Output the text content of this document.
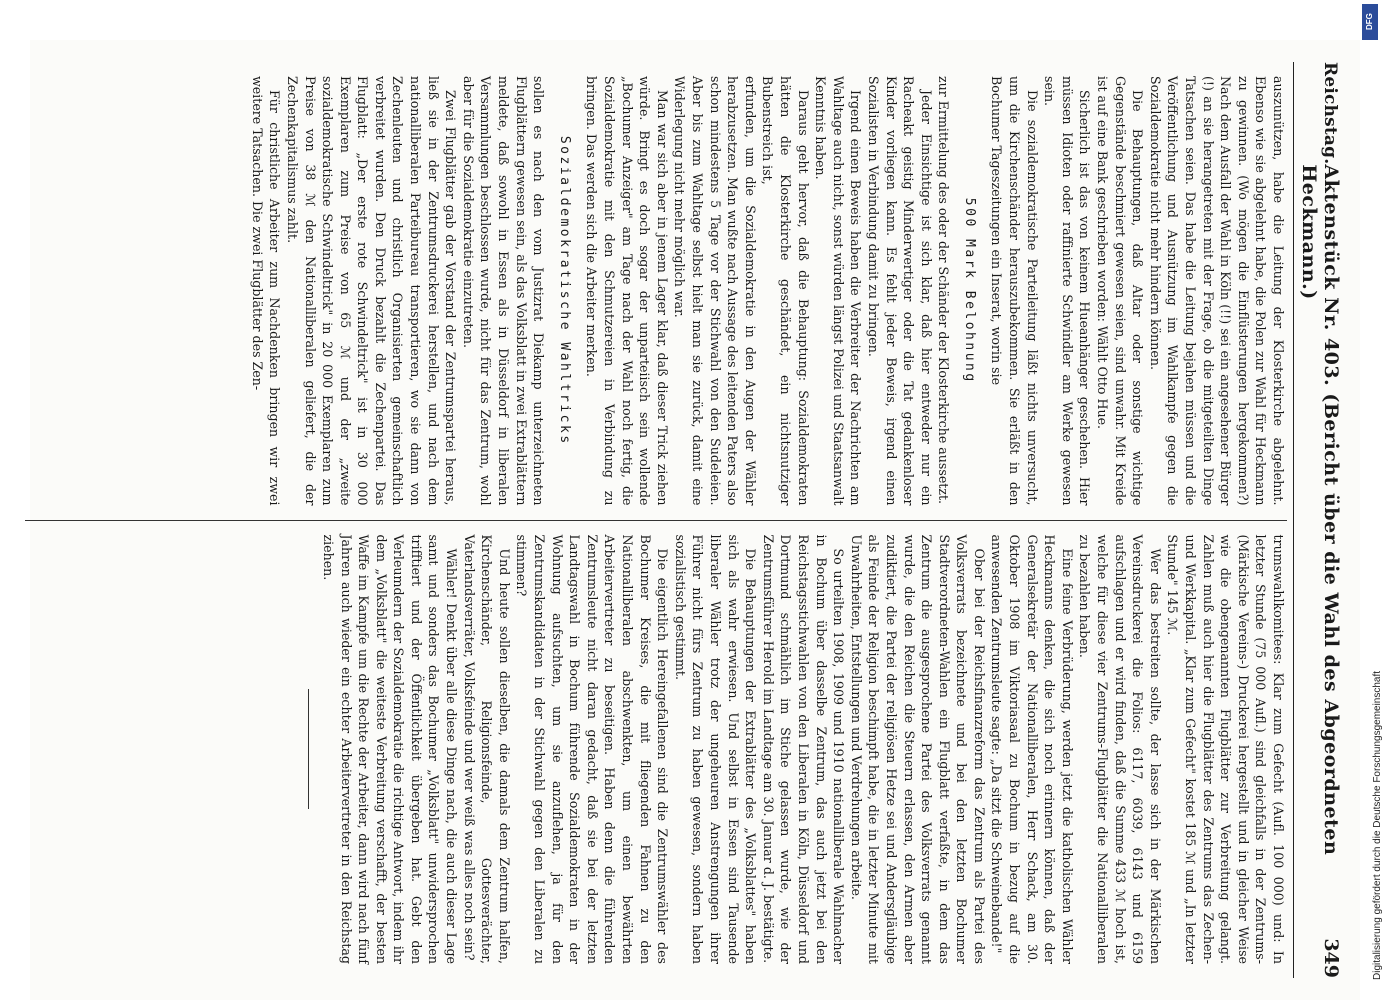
Reichstag.
Aktenstück Nr. 403. (Bericht über die Wahl des Abgeordneten Heckmann.)
349

auszunützen, habe die Leitung der Klosterkirche abgelehnt. Ebenso wie sie abgelehnt habe, die Polen zur Wahl für Heckmann zu gewinnen. (Wo mögen die Einflüsterungen hergekommen?) Nach dem Ausfall der Wahl in Köln (!!) sei ein angesehener Bürger (!) an sie herangetreten mit der Frage, ob die mitgeteilten Dinge Tatsachen seien. Das habe die Leitung bejahen müssen und die Veröffentlichung und Ausnützung im Wahlkampfe gegen die Sozialdemokratie nicht mehr hindern können.

Die Behauptungen, daß Altar oder sonstige wichtige Gegenstände beschmiert gewesen seien, sind unwahr. Mit Kreide ist auf eine Bank geschrieben worden: Wählt Otto Hue.

Sicherlich ist das von keinem Hueanhänger geschehen. Hier müssen Idioten oder raffinierte Schwindler am Werke gewesen sein.

Die sozialdemokratische Parteileitung läßt nichts unversucht, um die Kirchenschänder herauszubekommen. Sie erläßt in den Bochumer Tageszeitungen ein Inserat, worin sie

500 Mark Belohnung

zur Ermittelung des oder der Schänder der Klosterkirche aussetzt.

Jeder Einsichtige ist sich klar, daß hier entweder nur ein Racheakt geistig Minderwertiger oder die Tat gedankenloser Kinder vorliegen kann. Es fehlt jeder Beweis, irgend einen Sozialisten in Verbindung damit zu bringen.

Irgend einen Beweis haben die Verbreiter der Nachrichten am Wahltage auch nicht, sonst würden längst Polizei und Staatsanwalt Kenntnis haben.

Daraus geht hervor, daß die Behauptung: Sozialdemokraten hätten die Klosterkirche geschändet, ein nichtsnutziger Bubenstreich ist,

erfunden, um die Sozialdemokratie in den Augen der Wähler herabzusetzen. Man wußte nach Aussage des leitenden Paters also schon mindestens 5 Tage vor der Stichwahl von den Sudeleien. Aber bis zum Wahltage selbst hielt man sie zurück, damit eine Widerlegung nicht mehr möglich war.

Man war sich aber in jenem Lager klar, daß dieser Trick ziehen würde. Bringt es doch sogar der unparteiisch sein wollende „Bochumer Anzeiger" am Tage nach der Wahl noch fertig, die Sozialdemokratie mit den Schmutzereien in Verbindung zu bringen. Das werden sich die Arbeiter merken.

Sozialdemokratische Wahltricks

sollen es nach den vom Justizrat Diekamp unterzeichneten Flugblättern gewesen sein, als das Volksblatt in zwei Extrablättern meldete, daß sowohl in Essen als in Düsseldorf in liberalen Versammlungen beschlossen wurde, nicht für das Zentrum, wohl aber für die Sozialdemokratie einzutreten.

Zwei Flugblätter gab der Vorstand der Zentrumspartei heraus, ließ sie in der Zentrumsdruckerei herstellen, und nach dem nationalliberalen Parteibureau transportieren, wo sie dann von Zechenleuten und christlich Organisierten gemeinschaftlich verbreitet wurden. Den Druck bezahlt die Zechenpartei. Das Flugblatt: „Der erste rote Schwindeltrick" ist in 30 000 Exemplaren zum Preise von 65 ℳ und der „zweite sozialdemokratische Schwindeltrick" in 20 000 Exemplaren zum Preise von 38 ℳ den Nationalliberalen geliefert, die der Zechenkapitalismus zahlt.

Für christliche Arbeiter zum Nachdenken bringen wir zwei weitere Tatsachen. Die zwei Flugblätter des Zen-

trumswahlkomitees: Klar zum Gefecht (Aufl. 100 000) und: In letzter Stunde (75 000 Aufl.) sind gleichfalls in der Zentrums- (Märkische Vereins-) Druckerei hergestellt und in gleicher Weise wie die obengenannten Flugblätter zur Verbreitung gelangt. Zahlen muß auch hier die Flugblätter des Zentrums das Zechen- und Werkkapital. „Klar zum Gefecht" kostet 185 ℳ und „In letzter Stunde" 145 ℳ.

Wer das bestreiten sollte, der lasse sich in der Märkischen Vereinsdruckerei die Folios: 6117, 6039, 6143 und 6159 aufschlagen und er wird finden, daß die Summe 433 ℳ hoch ist, welche für diese vier Zentrums-Flugblätter die Nationalliberalen zu bezahlen haben.

Eine feine Verbrüderung, werden jetzt die katholischen Wähler Heckmanns denken, die sich noch erinnern können, daß der Generalsekretär der Nationalliberalen, Herr Schack, am 30. Oktober 1908 im Viktoriasaal zu Bochum in bezug auf die anwesenden Zentrumsleute sagte: „Da sitzt die Schweinebande!"

Ober bei der Reichsfinanzreform das Zentrum als Partei des Volksverrats bezeichnete und bei den letzten Bochumer Stadtverordneten-Wahlen ein Flugblatt verfaßte, in dem das Zentrum die ausgesprochene Partei des Volksverrats genannt wurde, die den Reichen die Steuern erlassen, den Armen aber zudiktiert, die Partei der religiösen Hetze sei und Andersgläubige als Feinde der Religion beschimpft habe, die in letzter Minute mit Unwahrheiten, Entstellungen und Verdrehungen arbeite.

So urteilten 1908, 1909 und 1910 nationalliberale Wahlmacher in Bochum über dasselbe Zentrum, das auch jetzt bei den Reichstagsstichwahlen von den Liberalen in Köln, Düsseldorf und Dortmund schmählich im Stiche gelassen wurde, wie der Zentrumsführer Herold im Landtage am 30. Januar d. J. bestätigte.

Die Behauptungen der Extrablätter des „Volksblattes" haben sich als wahr erwiesen. Und selbst in Essen sind Tausende liberaler Wähler trotz der ungeheuren Anstrengungen ihrer Führer nicht fürs Zentrum zu haben gewesen, sondern haben sozialistisch gestimmt.

Die eigentlich Hereingefallenen sind die Zentrumswähler des Bochumer Kreises, die mit fliegenden Fahnen zu den Nationalliberalen abschwenkten, um einen bewährten Arbeitervertreter zu beseitigen. Haben denn die führenden Zentrumsleute nicht daran gedacht, daß sie bei der letzten Landtagswahl in Bochum führende Sozialdemokraten in der Wohnung aufsuchten, um sie anzuflehen, ja für den Zentrumskandidaten in der Stichwahl gegen den Liberalen zu stimmen?

Und heute sollen dieselben, die damals dem Zentrum halfen, Kirchenschänder, Religionsfeinde, Gottesverächter, Vaterlandsverräter, Volksfeinde und wer weiß was alles noch sein?

Wähler! Denkt über alle diese Dinge nach, die auch dieser Lage samt und sonders das Bochumer „Volksblatt" unwidersprochen trifftiert und der Öffentlichkeit übergeben hat. Gebt den Verleumdern der Sozialdemokratie die richtige Antwort, indem ihr dem „Volksblatt" die weiteste Verbreitung verschafft, der besten Waffe im Kampfe um die Rechte der Arbeiter, dann wird nach fünf Jahren auch wieder ein echter Arbeitervertreter in den Reichstag ziehen.

DFG
Digitalisierung gefördert durch die Deutsche Forschungsgemeinschaft
